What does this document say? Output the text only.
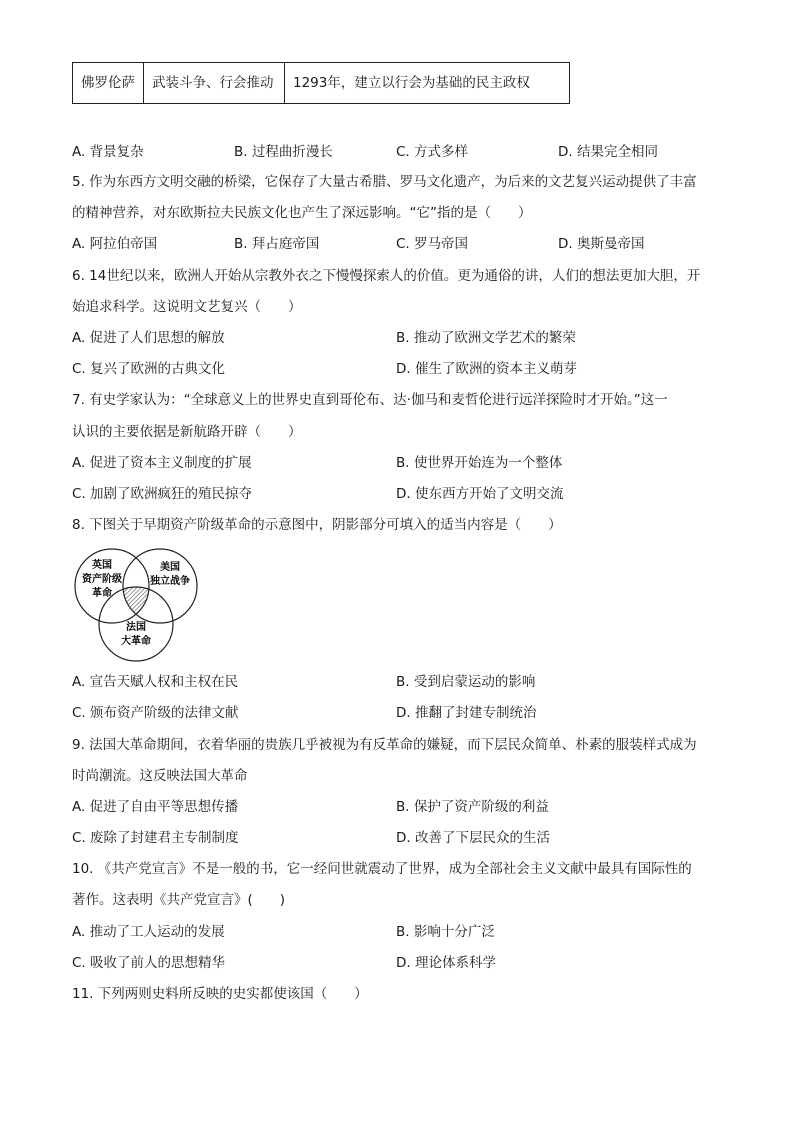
佛罗伦萨	武装斗争、行会推动	1293年，建立以行会为基础的民主政权
A. 背景复杂	B. 过程曲折漫长	C. 方式多样	D. 结果完全相同
5. 作为东西方文明交融的桥梁，它保存了大量古希腊、罗马文化遗产，为后来的文艺复兴运动提供了丰富
的精神营养，对东欧斯拉夫民族文化也产生了深远影响。“它”指的是（　　）
A. 阿拉伯帝国	B. 拜占庭帝国	C. 罗马帝国	D. 奥斯曼帝国
6. 14世纪以来，欧洲人开始从宗教外衣之下慢慢探索人的价值。更为通俗的讲，人们的想法更加大胆，开
始追求科学。这说明文艺复兴（　　）
A. 促进了人们思想的解放	B. 推动了欧洲文学艺术的繁荣
C. 复兴了欧洲的古典文化	D. 催生了欧洲的资本主义萌芽
7. 有史学家认为：“全球意义上的世界史直到哥伦布、达·伽马和麦哲伦进行远洋探险时才开始。”这一
认识的主要依据是新航路开辟（　　）
A. 促进了资本主义制度的扩展	B. 使世界开始连为一个整体
C. 加剧了欧洲疯狂的殖民掠夺	D. 使东西方开始了文明交流
8. 下图关于早期资产阶级革命的示意图中，阴影部分可填入的适当内容是（　　）
英国
资产阶级
革命
美国
独立战争
法国
大革命
A. 宣告天赋人权和主权在民	B. 受到启蒙运动的影响
C. 颁布资产阶级的法律文献	D. 推翻了封建专制统治
9. 法国大革命期间，衣着华丽的贵族几乎被视为有反革命的嫌疑，而下层民众简单、朴素的服装样式成为
时尚潮流。这反映法国大革命
A. 促进了自由平等思想传播	B. 保护了资产阶级的利益
C. 废除了封建君主专制制度	D. 改善了下层民众的生活
10. 《共产党宣言》不是一般的书，它一经问世就震动了世界，成为全部社会主义文献中最具有国际性的
著作。这表明《共产党宣言》(　　)
A. 推动了工人运动的发展	B. 影响十分广泛
C. 吸收了前人的思想精华	D. 理论体系科学
11. 下列两则史料所反映的史实都使该国（　　）
